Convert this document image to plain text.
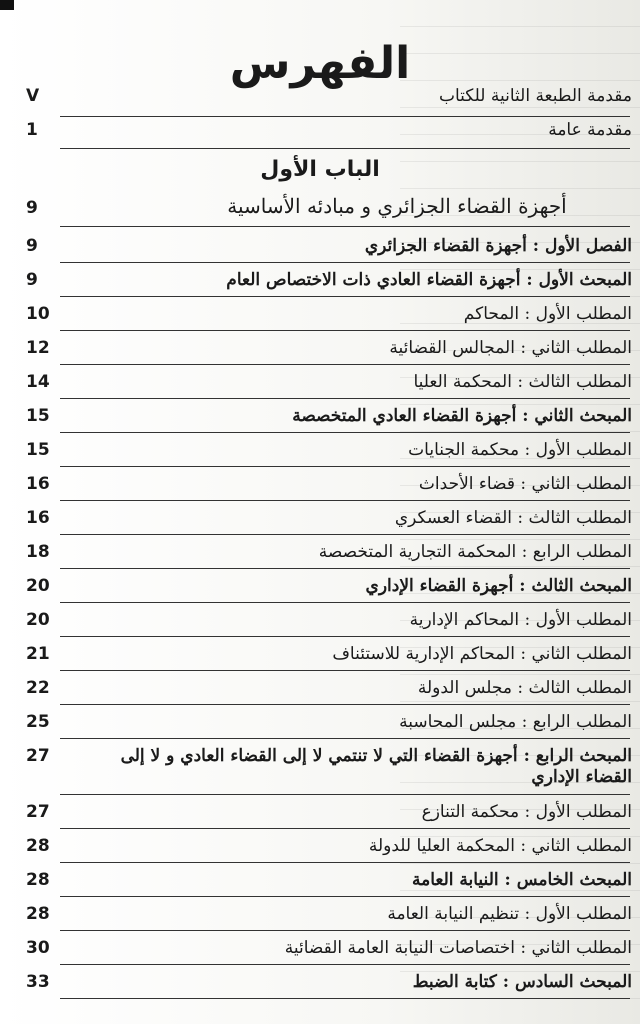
الفهرس
مقدمة الطبعة الثانية للكتاب
V
مقدمة عامة
1
الباب الأول
أجهزة القضاء الجزائري و مبادئه الأساسية
9
الفصل الأول : أجهزة القضاء الجزائري
9
المبحث الأول : أجهزة القضاء العادي ذات الاختصاص العام
9
المطلب الأول : المحاكم
10
المطلب الثاني : المجالس القضائية
12
المطلب الثالث : المحكمة العليا
14
المبحث الثاني : أجهزة القضاء العادي المتخصصة
15
المطلب الأول : محكمة الجنايات
15
المطلب الثاني : قضاء الأحداث
16
المطلب الثالث : القضاء العسكري
16
المطلب الرابع : المحكمة التجارية المتخصصة
18
المبحث الثالث : أجهزة القضاء الإداري
20
المطلب الأول : المحاكم الإدارية
20
المطلب الثاني : المحاكم الإدارية للاستئناف
21
المطلب الثالث : مجلس الدولة
22
المطلب الرابع : مجلس المحاسبة
25
المبحث الرابع : أجهزة القضاء التي لا تنتمي لا إلى القضاء العادي و لا إلى
القضاء الإداري
27
المطلب الأول : محكمة التنازع
27
المطلب الثاني : المحكمة العليا للدولة
28
المبحث الخامس : النيابة العامة
28
المطلب الأول : تنظيم النيابة العامة
28
المطلب الثاني : اختصاصات النيابة العامة القضائية
30
المبحث السادس : كتابة الضبط
33
